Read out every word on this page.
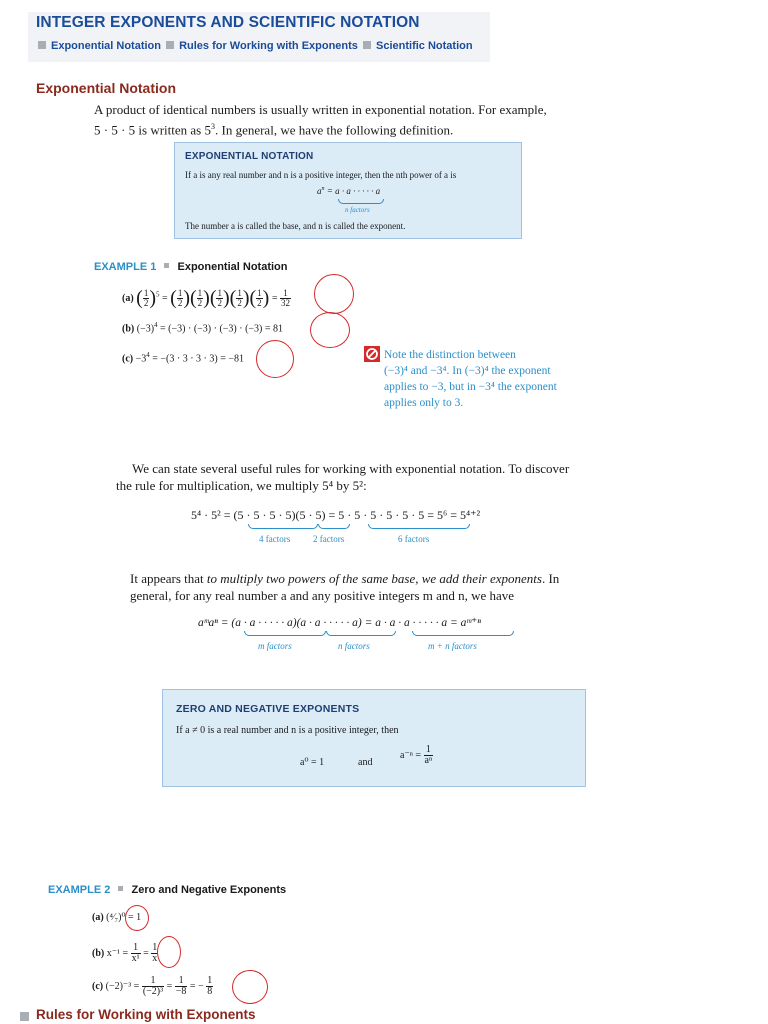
INTEGER EXPONENTS AND SCIENTIFIC NOTATION
Exponential Notation Rules for Working with Exponents Scientific Notation
Exponential Notation
A product of identical numbers is usually written in exponential notation. For example,
5 · 5 · 5 is written as $5^3$. In general, we have the following definition.
EXPONENTIAL NOTATION
If a is any real number and n is a positive integer, then the nth power of a is
$a^n = a \cdot a$ · · · · · a
n factors
The number a is called the base, and n is called the exponent.
EXAMPLE 1 Exponential Notation
(a) ( $\frac{1}{2} )^5$ = ( $\frac{1}{2}$ )( $\frac{1}{2}$ )( $\frac{1}{2}$ )( $\frac{1}{2}$ )( $\frac{1}{2}$ ) = $\frac{1}{32}$
(b) $(-3)^4 = (-3) \cdot (-3) \cdot (-3) \cdot (-3) = 81$
$(c) -3^4 = -(3 \cdot 3 \cdot 3 \cdot 3) = -81$	Note the distinction between
(−3)⁴ and −3⁴. In (−3)⁴ the exponent
applies to −3, but in −3⁴ the exponent
applies only to 3.
We can state several useful rules for working with exponential notation. To discover
the rule for multiplication, we multiply 5⁴ by 5²:
5⁴ · 5² = (5 · 5 · 5 · 5)(5 · 5) = 5 · 5 · 5 · 5 · 5 · 5 = 5⁶ = 5⁴⁺²
4 factors	2 factors	6 factors
It appears that to multiply two powers of the same base, we add their exponents. In
general, for any real number a and any positive integers m and n, we have
aᵐaⁿ = (a · a · · · · · a)(a · a · · · · · a) = a · a · a · · · · · a = aᵐ⁺ⁿ
m factors	n factors	m + n factors
ZERO AND NEGATIVE EXPONENTS
If a ≠ 0 is a real number and n is a positive integer, then
a⁰ = 1	and
$a^{-n} = \frac{1}{\text{aⁿ}}$
EXAMPLE 2 Zero and Negative Exponents
(a) (⁴⁄₇)⁰ = 1
(b) $x^{-1} = \frac{1}{\text{x¹}} = \frac{1}{x}$
(c) $(-2)^{-3} = \frac{1}{\text{(−2)³}} = \frac{1}{-8}$ = − $\frac{1}{8}$
Rules for Working with Exponents
